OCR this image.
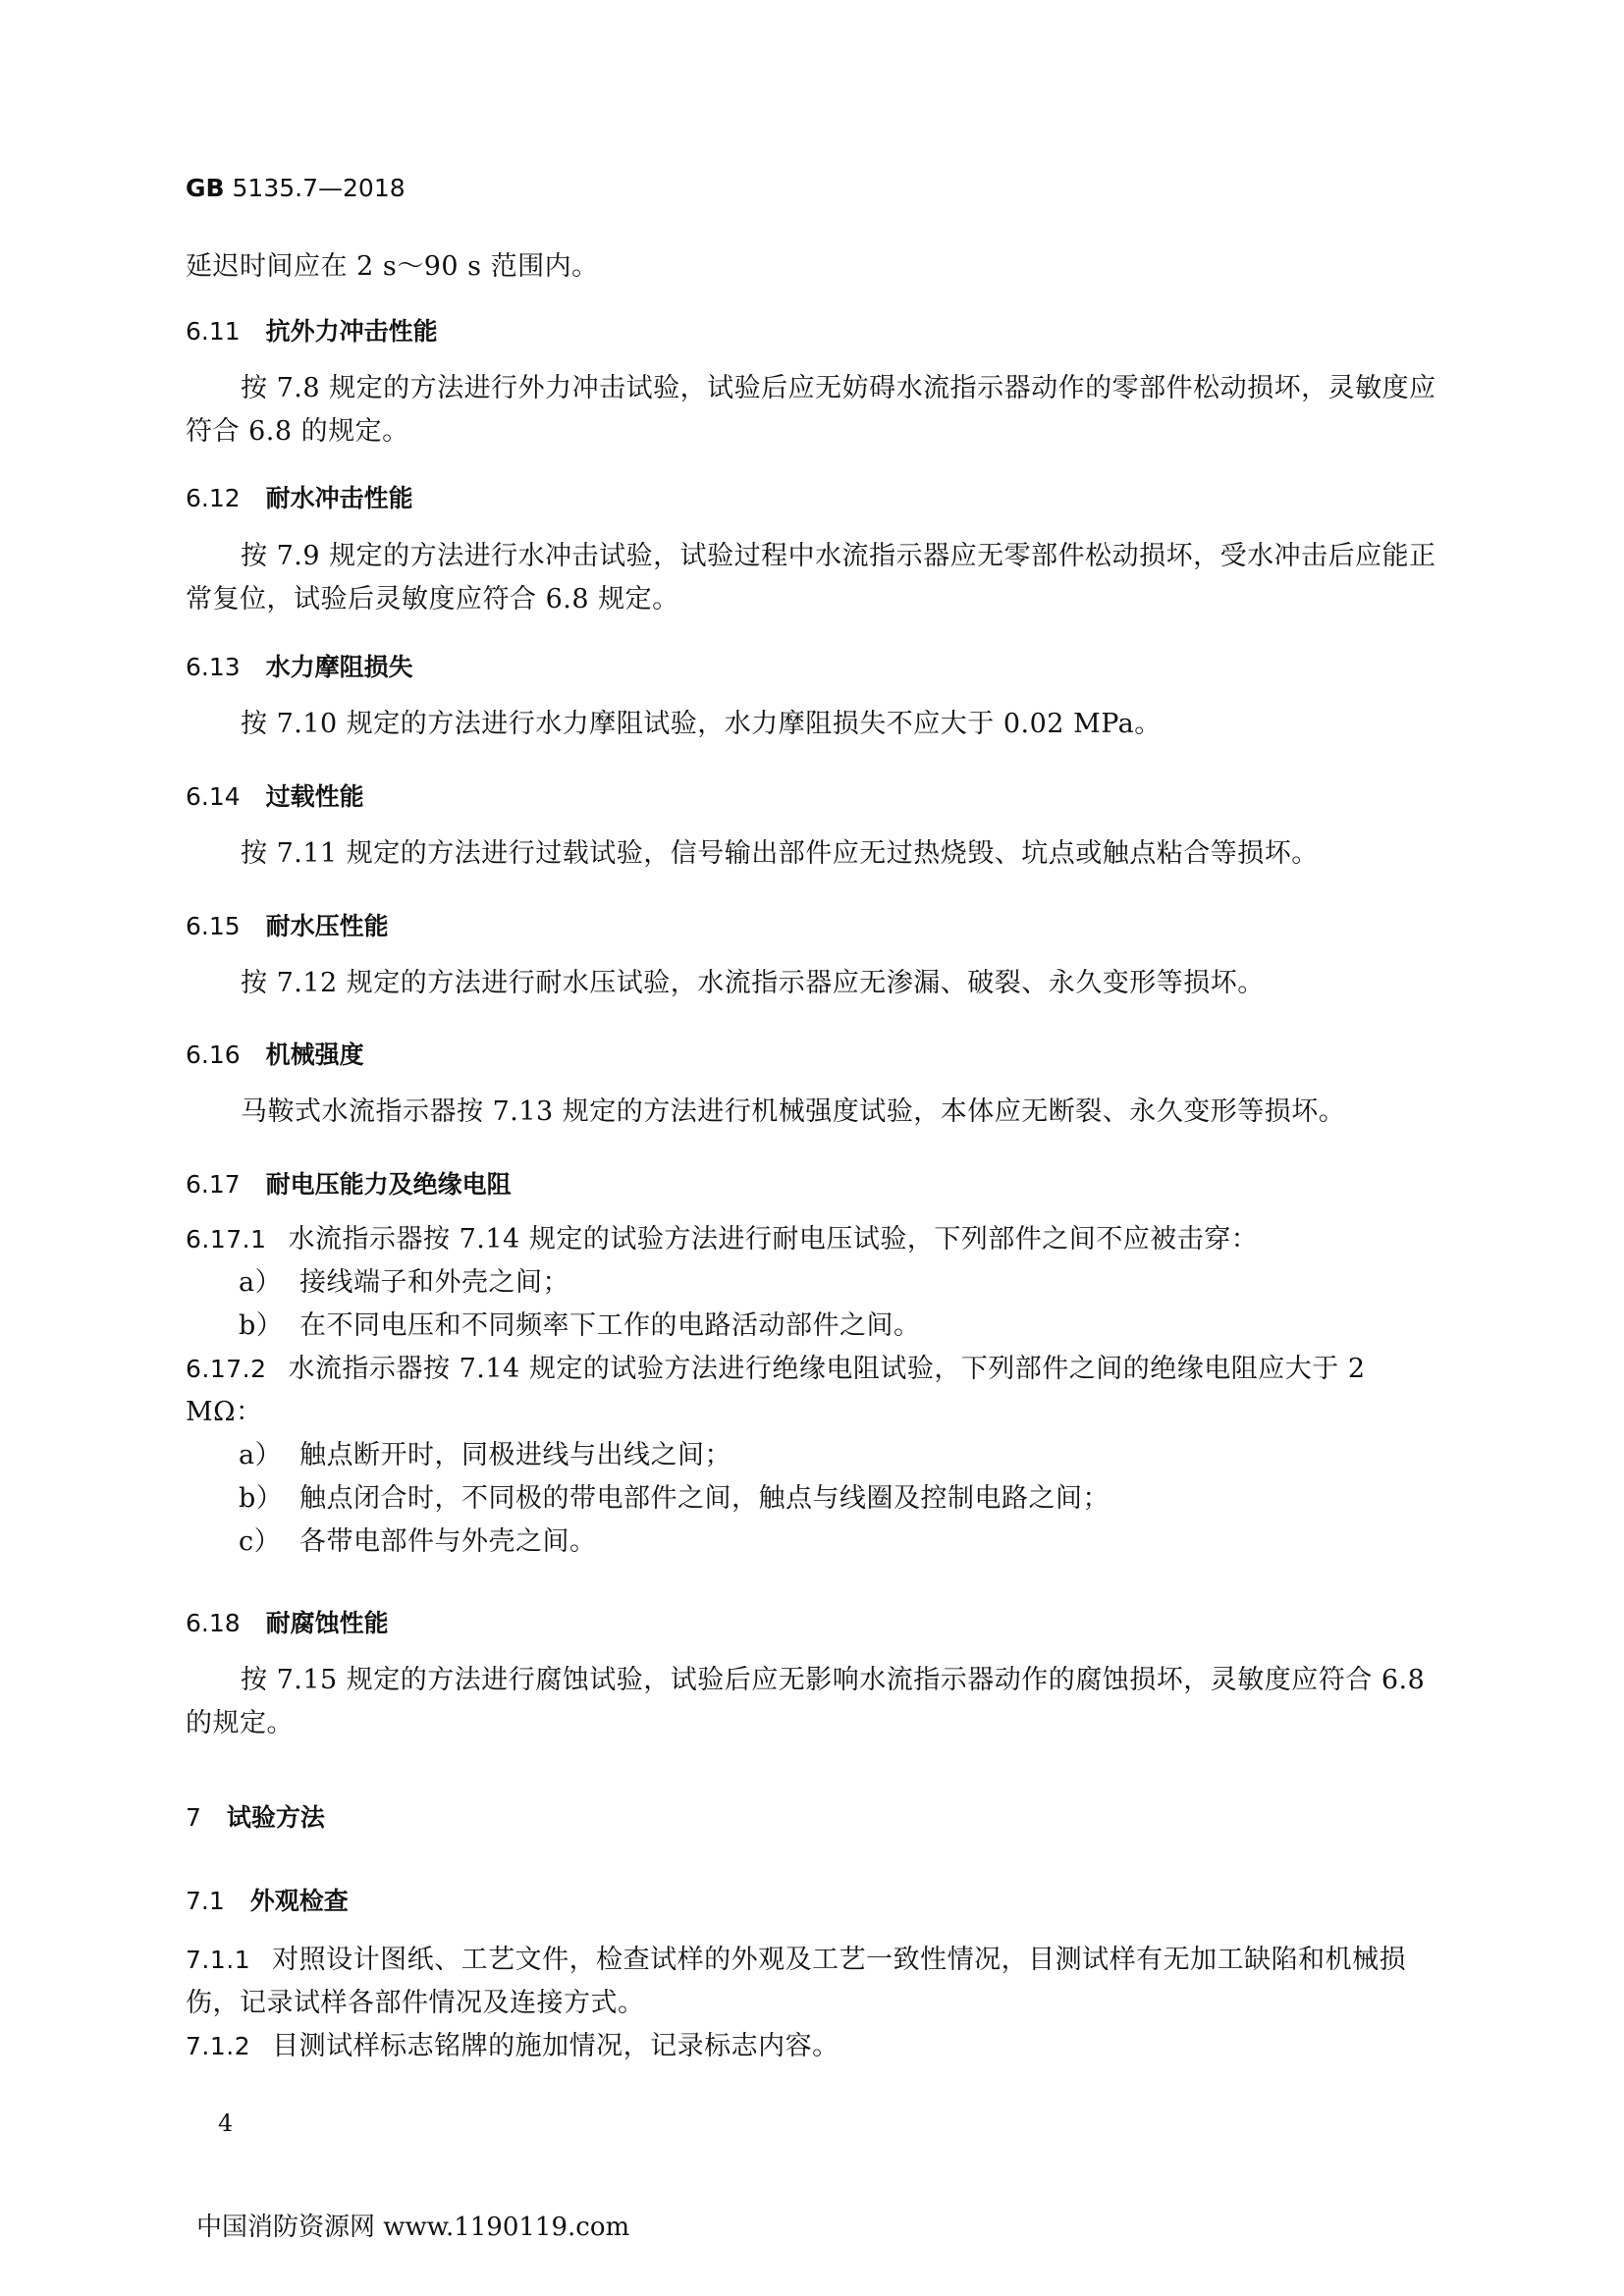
GB 5135.7—2018
延迟时间应在 2 s～90 s 范围内。
6.11 抗外力冲击性能
按 7.8 规定的方法进行外力冲击试验，试验后应无妨碍水流指示器动作的零部件松动损坏，灵敏度应符合 6.8 的规定。
6.12 耐水冲击性能
按 7.9 规定的方法进行水冲击试验，试验过程中水流指示器应无零部件松动损坏，受水冲击后应能正常复位，试验后灵敏度应符合 6.8 规定。
6.13 水力摩阻损失
按 7.10 规定的方法进行水力摩阻试验，水力摩阻损失不应大于 0.02 MPa。
6.14 过载性能
按 7.11 规定的方法进行过载试验，信号输出部件应无过热烧毁、坑点或触点粘合等损坏。
6.15 耐水压性能
按 7.12 规定的方法进行耐水压试验，水流指示器应无渗漏、破裂、永久变形等损坏。
6.16 机械强度
马鞍式水流指示器按 7.13 规定的方法进行机械强度试验，本体应无断裂、永久变形等损坏。
6.17 耐电压能力及绝缘电阻
6.17.1 水流指示器按 7.14 规定的试验方法进行耐电压试验，下列部件之间不应被击穿：
a） 接线端子和外壳之间；
b） 在不同电压和不同频率下工作的电路活动部件之间。
6.17.2 水流指示器按 7.14 规定的试验方法进行绝缘电阻试验，下列部件之间的绝缘电阻应大于 2 MΩ：
a） 触点断开时，同极进线与出线之间；
b） 触点闭合时，不同极的带电部件之间，触点与线圈及控制电路之间；
c） 各带电部件与外壳之间。
6.18 耐腐蚀性能
按 7.15 规定的方法进行腐蚀试验，试验后应无影响水流指示器动作的腐蚀损坏，灵敏度应符合 6.8 的规定。
7 试验方法
7.1 外观检查
7.1.1 对照设计图纸、工艺文件，检查试样的外观及工艺一致性情况，目测试样有无加工缺陷和机械损伤，记录试样各部件情况及连接方式。
7.1.2 目测试样标志铭牌的施加情况，记录标志内容。
4
中国消防资源网 www.1190119.com
